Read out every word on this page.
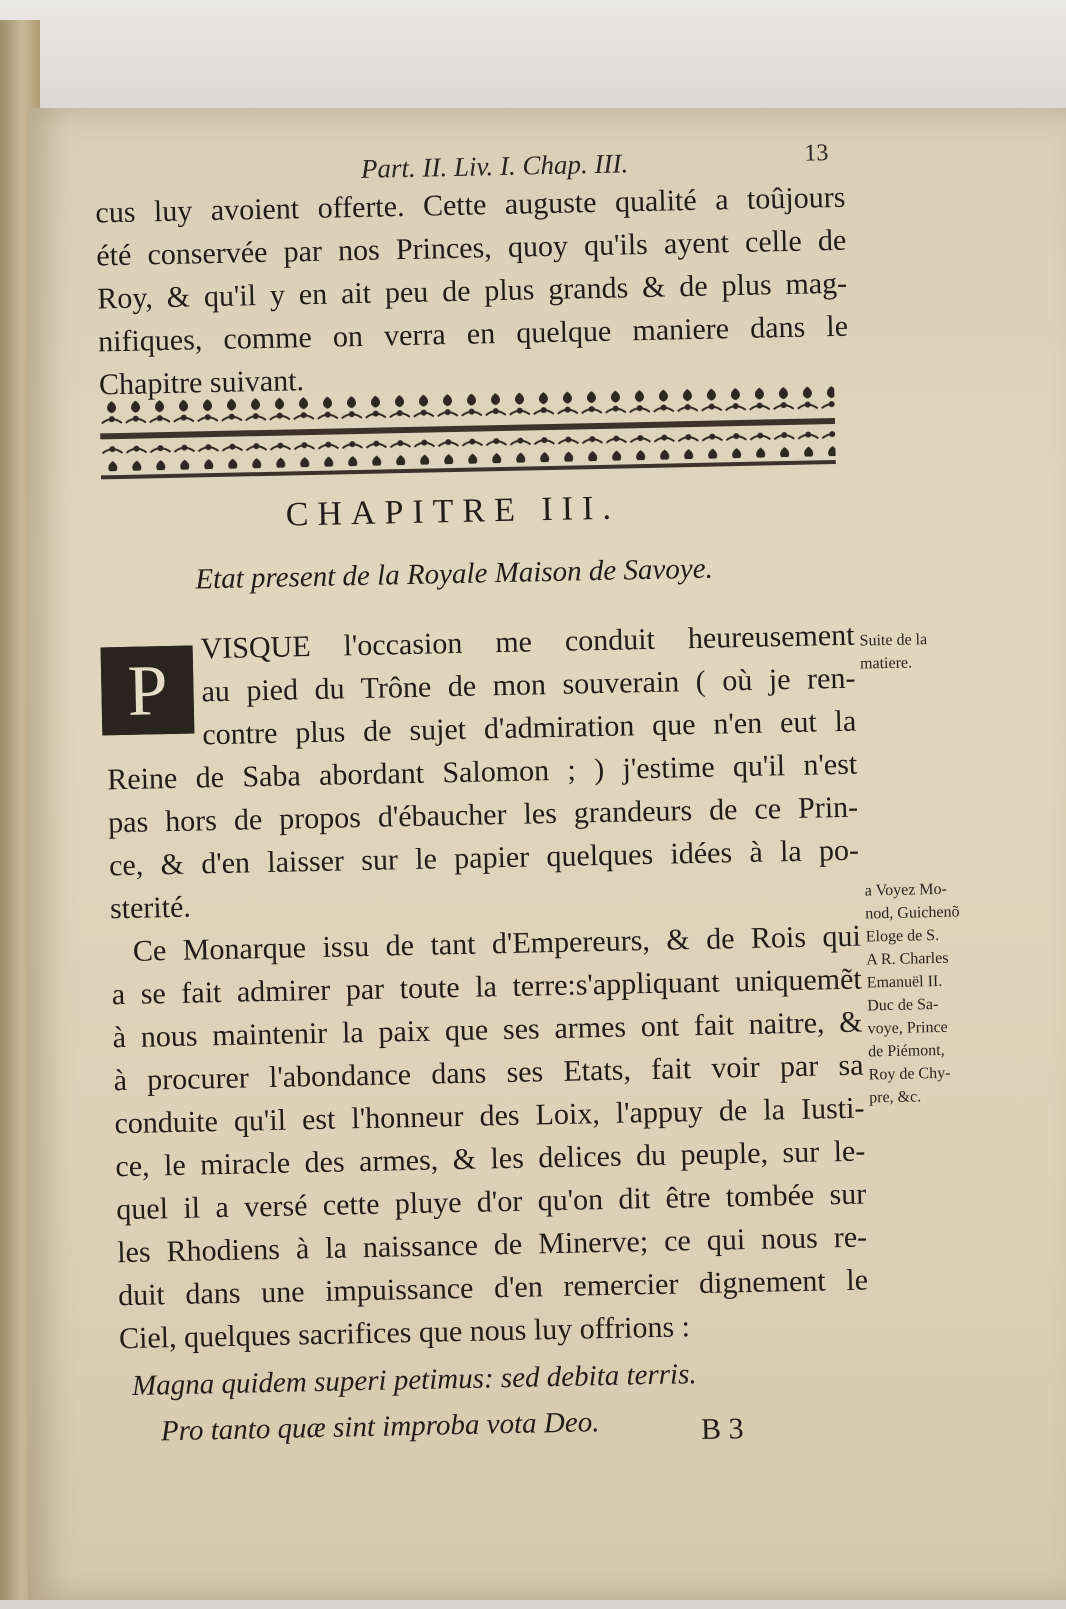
Part. II. Liv. I. Chap. III.	13
cus luy avoient offerte. Cette auguste qualité a toûjours
été conservée par nos Princes, quoy qu'ils ayent celle de
Roy, & qu'il y en ait peu de plus grands & de plus mag-
nifiques, comme on verra en quelque maniere dans le
Chapitre suivant.
CHAPITRE III.
Etat present de la Royale Maison de Savoye.
P
VISQUE l'occasion me conduit heureusement
au pied du Trône de mon souverain ( où je ren-
contre plus de sujet d'admiration que n'en eut la
Reine de Saba abordant Salomon ; ) j'estime qu'il n'est
pas hors de propos d'ébaucher les grandeurs de ce Prin-
ce, & d'en laisser sur le papier quelques idées à la po-
sterité.
Ce Monarque issu de tant d'Empereurs, & de Rois qui
a se fait admirer par toute la terre:s'appliquant uniquemẽt
à nous maintenir la paix que ses armes ont fait naitre, &
à procurer l'abondance dans ses Etats, fait voir par sa
conduite qu'il est l'honneur des Loix, l'appuy de la Iusti-
ce, le miracle des armes, & les delices du peuple, sur le-
quel il a versé cette pluye d'or qu'on dit être tombée sur
les Rhodiens à la naissance de Minerve; ce qui nous re-
duit dans une impuissance d'en remercier dignement le
Ciel, quelques sacrifices que nous luy offrions :
Magna quidem superi petimus: sed debita terris.
Pro tanto quæ sint improba vota Deo.
Suite de la
matiere.
a Voyez Mo-
nod, Guichenõ
Eloge de S.
A R. Charles
Emanuël II.
Duc de Sa-
voye, Prince
de Piémont,
Roy de Chy-
pre, &c.
B 3
